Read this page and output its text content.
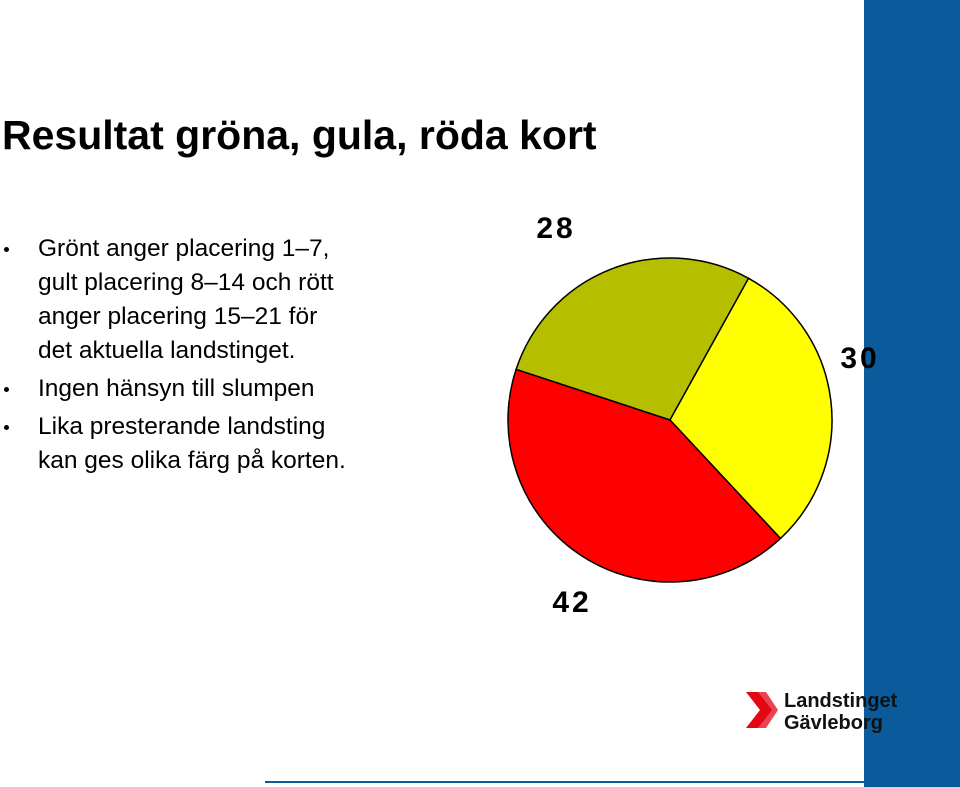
Resultat gröna, gula, röda kort
Grönt anger placering 1–7,
gult placering 8–14 och rött
anger placering 15–21 för
det aktuella landstinget.
Ingen hänsyn till slumpen
Lika presterande landsting
kan ges olika färg på korten.
28
30
42
Landstinget
Gävleborg
